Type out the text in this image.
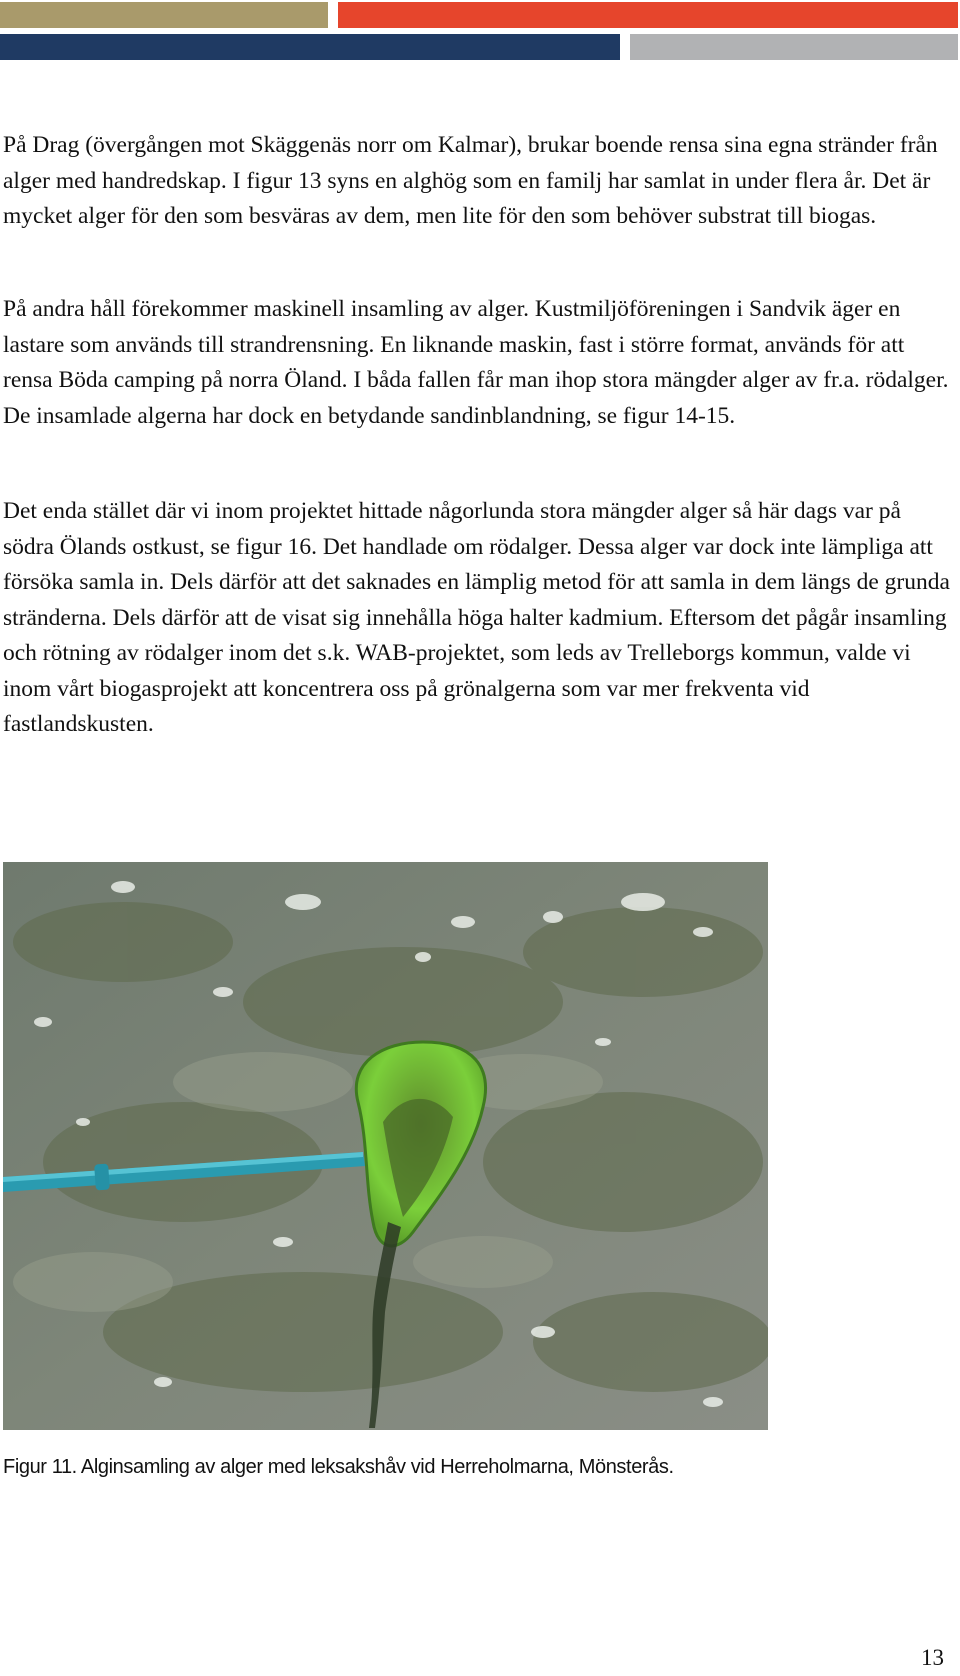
På Drag (övergången mot Skäggenäs norr om Kalmar), brukar boende rensa sina egna stränder från alger med handredskap. I figur 13 syns en alghög som en familj har samlat in under flera år. Det är mycket alger för den som besväras av dem, men lite för den som behöver substrat till biogas.

På andra håll förekommer maskinell insamling av alger. Kustmiljöföreningen i Sandvik äger en lastare som används till strandrensning. En liknande maskin, fast i större format, används för att rensa Böda camping på norra Öland. I båda fallen får man ihop stora mängder alger av fr.a. rödalger. De insamlade algerna har dock en betydande sandinblandning, se figur 14-15.

Det enda stället där vi inom projektet hittade någorlunda stora mängder alger så här dags var på södra Ölands ostkust, se figur 16. Det handlade om rödalger. Dessa alger var dock inte lämpliga att försöka samla in. Dels därför att det saknades en lämplig metod för att samla in dem längs de grunda stränderna. Dels därför att de visat sig innehålla höga halter kadmium. Eftersom det pågår insamling och rötning av rödalger inom det s.k. WAB-projektet, som leds av Trelleborgs kommun, valde vi inom vårt biogasprojekt att koncentrera oss på grönalgerna som var mer frekventa vid fastlandskusten.

Figur 11. Alginsamling av alger med leksakshåv vid Herreholmarna, Mönsterås.

13
